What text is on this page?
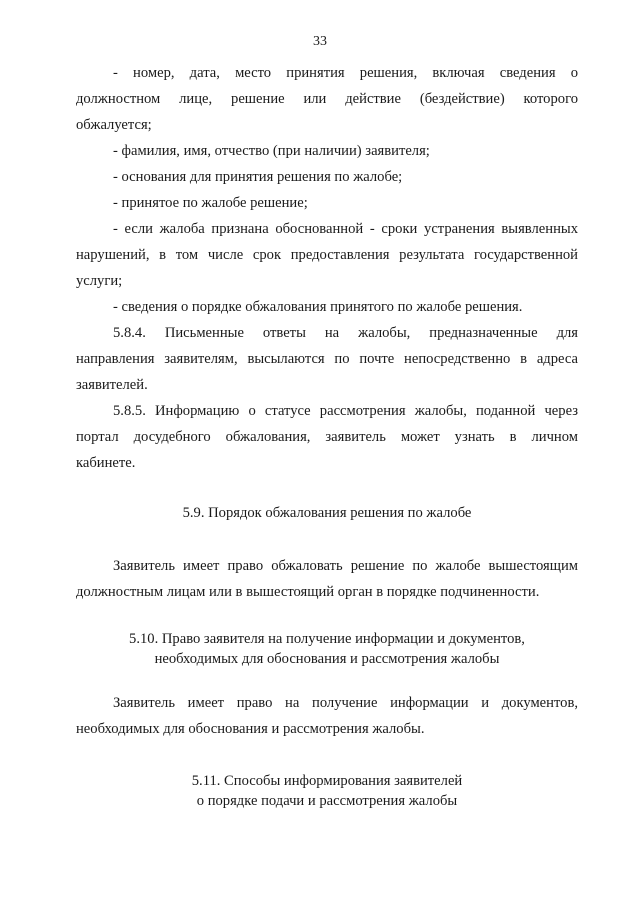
33

- номер, дата, место принятия решения, включая сведения о
должностном лице, решение или действие (бездействие) которого
обжалуется;

- фамилия, имя, отчество (при наличии) заявителя;

- основания для принятия решения по жалобе;

- принятое по жалобе решение;

- если жалоба признана обоснованной - сроки устранения выявленных
нарушений, в том числе срок предоставления результата государственной
услуги;

- сведения о порядке обжалования принятого по жалобе решения.

5.8.4. Письменные ответы на жалобы, предназначенные для
направления заявителям, высылаются по почте непосредственно в адреса
заявителей.

5.8.5. Информацию о статусе рассмотрения жалобы, поданной через
портал досудебного обжалования, заявитель может узнать в личном
кабинете.

5.9. Порядок обжалования решения по жалобе

Заявитель имеет право обжаловать решение по жалобе вышестоящим
должностным лицам или в вышестоящий орган в порядке подчиненности.

5.10. Право заявителя на получение информации и документов,
необходимых для обоснования и рассмотрения жалобы

Заявитель имеет право на получение информации и документов,
необходимых для обоснования и рассмотрения жалобы.

5.11. Способы информирования заявителей
о порядке подачи и рассмотрения жалобы
